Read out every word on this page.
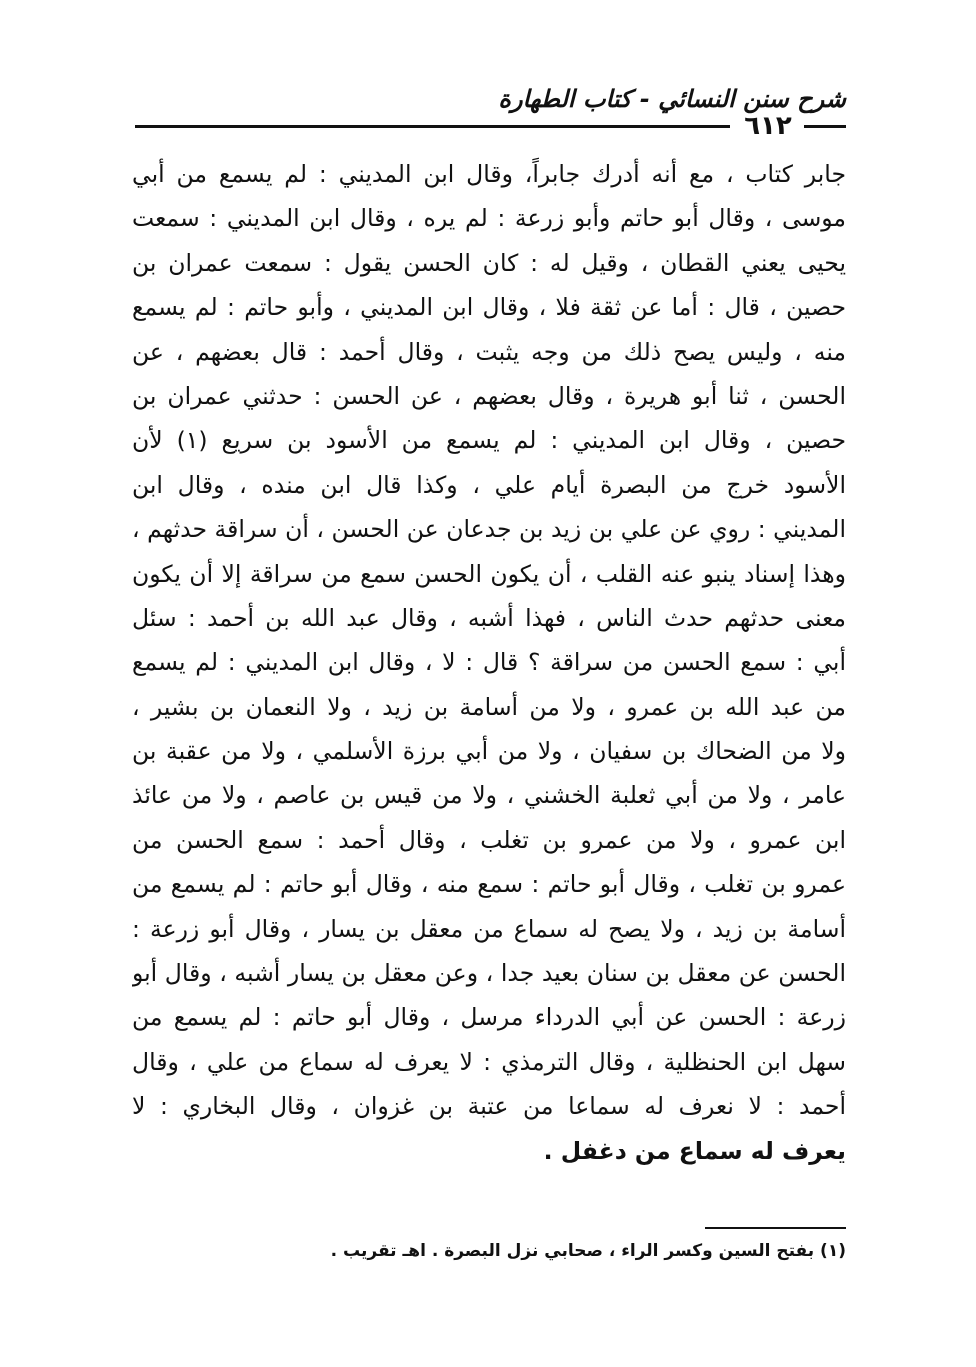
شرح سنن النسائي - كتاب الطهارة
٦١٢
جابر كتاب ، مع أنه أدرك جابراً، وقال ابن المديني : لم يسمع من أبي
موسى ، وقال أبو حاتم وأبو زرعة : لم يره ، وقال ابن المديني : سمعت
يحيى يعني القطان ، وقيل له : كان الحسن يقول : سمعت عمران بن
حصين ، قال : أما عن ثقة فلا ، وقال ابن المديني ، وأبو حاتم : لم يسمع
منه ، وليس يصح ذلك من وجه يثبت ، وقال أحمد : قال بعضهم ، عن
الحسن ، ثنا أبو هريرة ، وقال بعضهم ، عن الحسن : حدثني عمران بن
حصين ، وقال ابن المديني : لم يسمع من الأسود بن سريع (١) لأن
الأسود خرج من البصرة أيام علي ، وكذا قال ابن منده ، وقال ابن
المديني : روي عن علي بن زيد بن جدعان عن الحسن ، أن سراقة حدثهم ،
وهذا إسناد ينبو عنه القلب ، أن يكون الحسن سمع من سراقة إلا أن يكون
معنى حدثهم حدث الناس ، فهذا أشبه ، وقال عبد الله بن أحمد : سئل
أبي : سمع الحسن من سراقة ؟ قال : لا ، وقال ابن المديني : لم يسمع
من عبد الله بن عمرو ، ولا من أسامة بن زيد ، ولا النعمان بن بشير ،
ولا من الضحاك بن سفيان ، ولا من أبي برزة الأسلمي ، ولا من عقبة بن
عامر ، ولا من أبي ثعلبة الخشني ، ولا من قيس بن عاصم ، ولا من عائذ
ابن عمرو ، ولا من عمرو بن تغلب ، وقال أحمد : سمع الحسن من
عمرو بن تغلب ، وقال أبو حاتم : سمع منه ، وقال أبو حاتم : لم يسمع من
أسامة بن زيد ، ولا يصح له سماع من معقل بن يسار ، وقال أبو زرعة :
الحسن عن معقل بن سنان بعيد جدا ، وعن معقل بن يسار أشبه ، وقال أبو
زرعة : الحسن عن أبي الدرداء مرسل ، وقال أبو حاتم : لم يسمع من
سهل ابن الحنظلية ، وقال الترمذي : لا يعرف له سماع من علي ، وقال
أحمد : لا نعرف له سماعا من عتبة بن غزوان ، وقال البخاري : لا
يعرف له سماع من دغفل .
(١) بفتح السين وكسر الراء ، صحابي نزل البصرة . اهـ تقريب .
